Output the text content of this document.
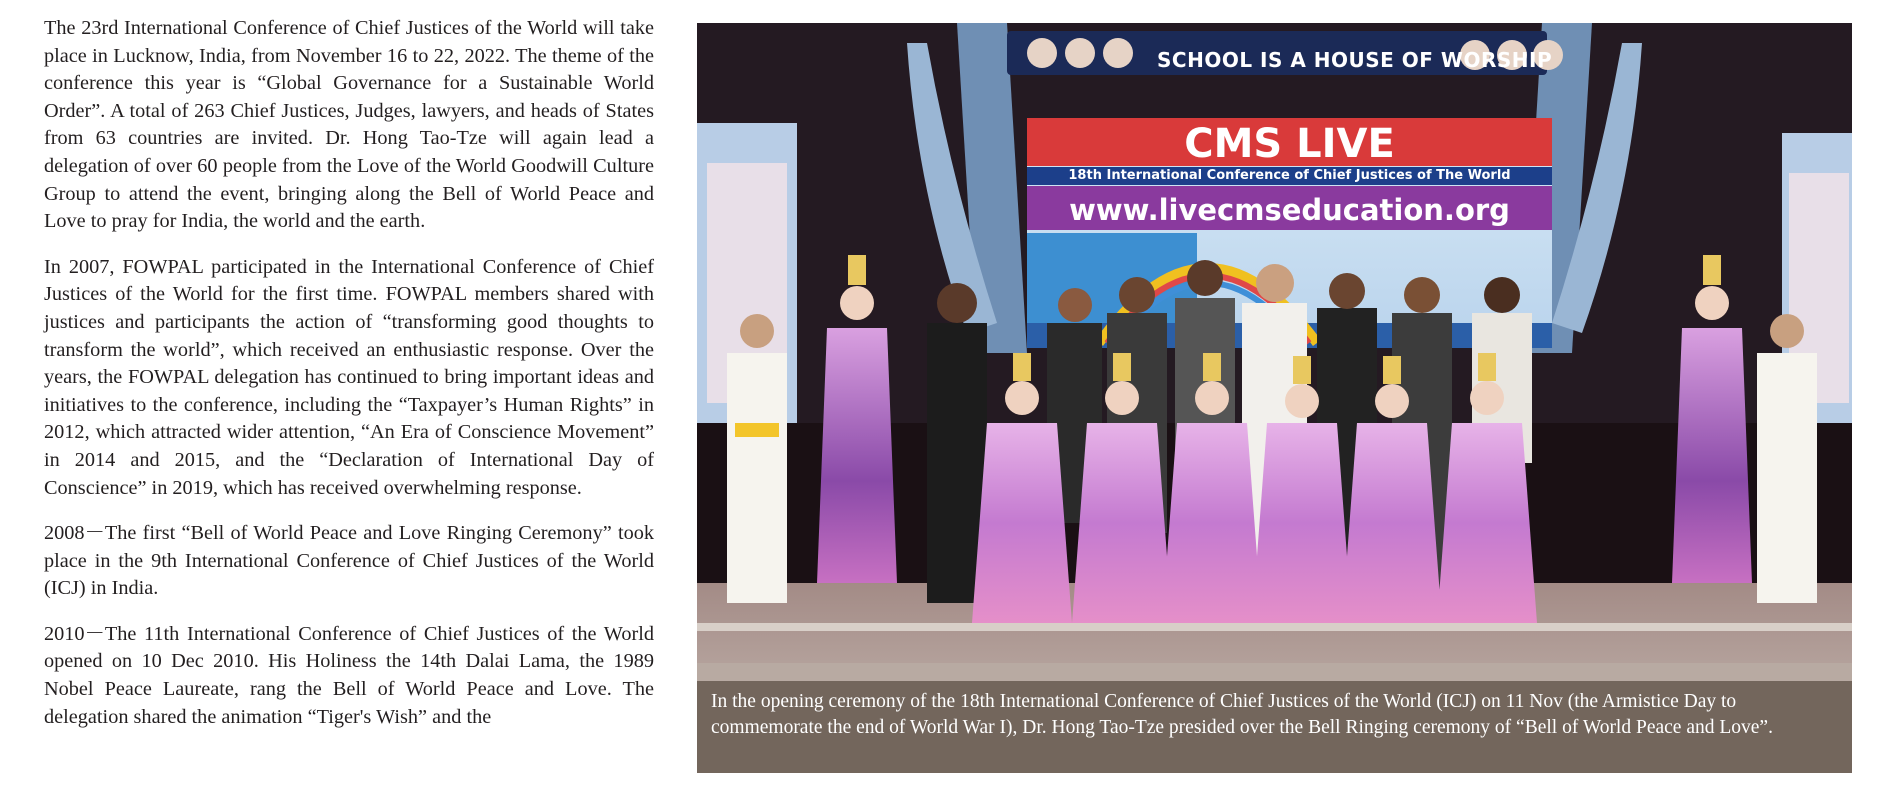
The 23rd International Conference of Chief Justices of the World will take place in Lucknow, India, from November 16 to 22, 2022. The theme of the conference this year is “Global Governance for a Sustainable World Order”. A total of 263 Chief Justices, Judges, lawyers, and heads of States from 63 countries are invited. Dr. Hong Tao-Tze will again lead a delegation of over 60 people from the Love of the World Goodwill Culture Group to attend the event, bringing along the Bell of World Peace and Love to pray for India, the world and the earth.

In 2007, FOWPAL participated in the International Conference of Chief Justices of the World for the first time. FOWPAL members shared with justices and participants the action of “transforming good thoughts to transform the world”, which received an enthusiastic response. Over the years, the FOWPAL delegation has continued to bring important ideas and initiatives to the conference, including the “Taxpayer’s Human Rights” in 2012, which attracted wider attention, “An Era of Conscience Movement” in 2014 and 2015, and the “Declaration of International Day of Conscience” in 2019, which has received overwhelming response.

2008－The first “Bell of World Peace and Love Ringing Ceremony” took place in the 9th International Conference of Chief Justices of the World (ICJ) in India.

2010－The 11th International Conference of Chief Justices of the World opened on 10 Dec 2010. His Holiness the 14th Dalai Lama, the 1989 Nobel Peace Laureate, rang the Bell of World Peace and Love. The delegation shared the animation “Tiger's Wish” and the

SCHOOL IS A HOUSE OF WORSHIP
CMS LIVE
18th International Conference of Chief Justices of The World
www.livecmseducation.org
In the opening ceremony of the 18th International Conference of Chief Justices of the World (ICJ) on 11 Nov (the Armistice Day to commemorate the end of World War I), Dr. Hong Tao-Tze presided over the Bell Ringing ceremony of “Bell of World Peace and Love”.
